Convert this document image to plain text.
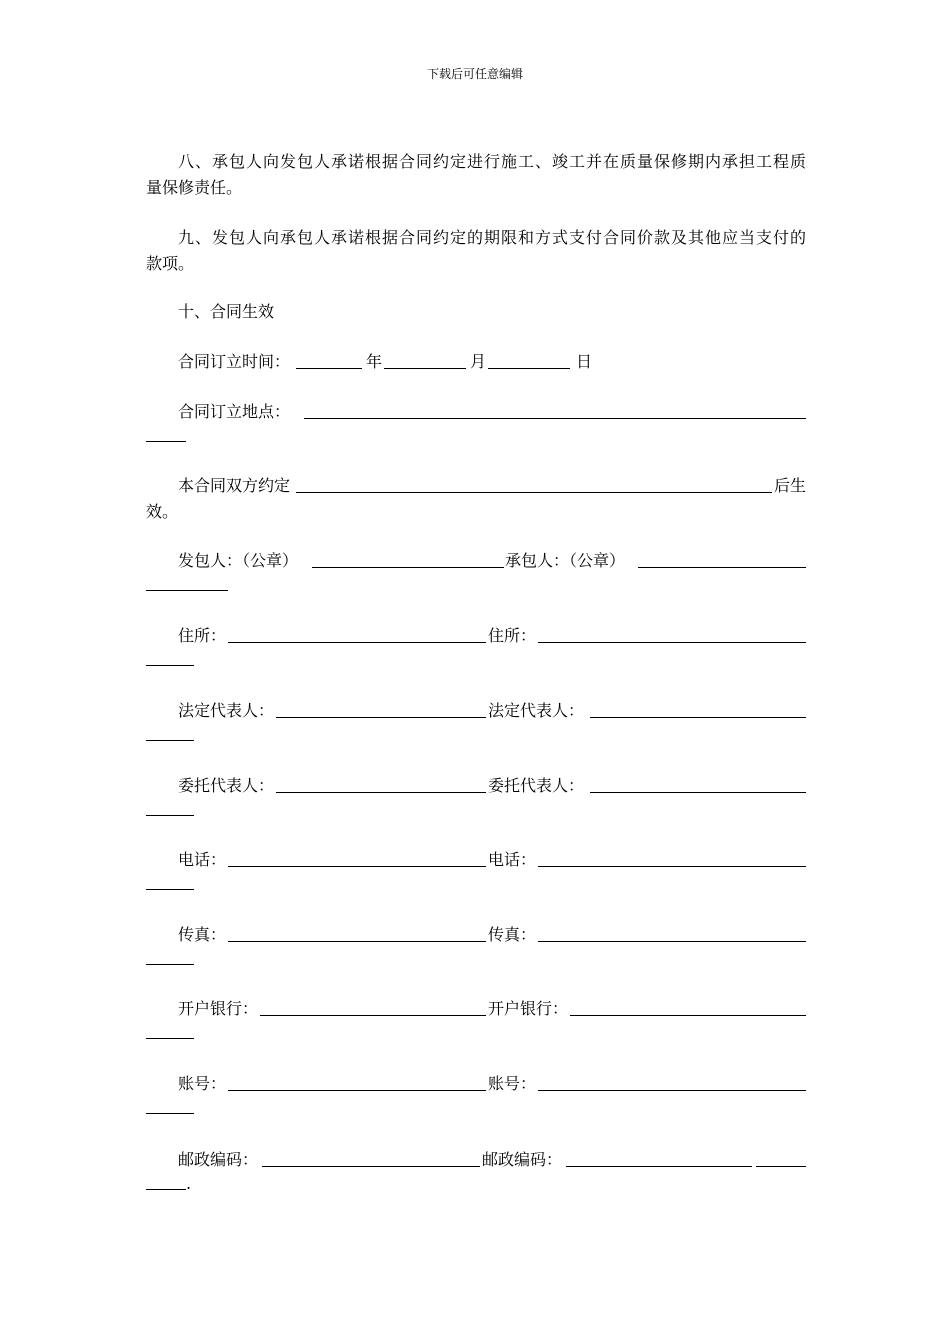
下载后可任意编辑
八、承包人向发包人承诺根据合同约定进行施工、竣工并在质量保修期内承担工程质
量保修责任。
九、发包人向承包人承诺根据合同约定的期限和方式支付合同价款及其他应当支付的
款项。
十、合同生效

合同订立时间：

	年

	月

	日

合同订立地点：

本合同双方约定

	后生

效。

发包人：（公章）

	承包人：（公章）

住所：

	住所：

法定代表人：

	法定代表人：

委托代表人：

	委托代表人：

电话：

	电话：

传真：

	传真：

开户银行：

	开户银行：

账号：

	账号：

邮政编码：

	邮政编码：

.
